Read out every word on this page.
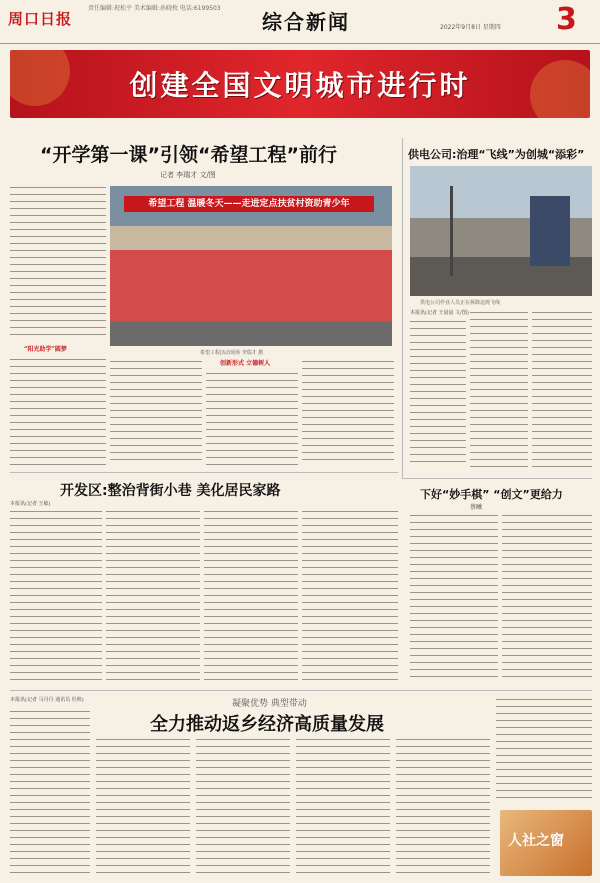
周口日报
责任编辑:祝松平 美术编辑:孙晓枚 电话:6199503
综合新闻	2022年9月8日 星期四 3
创建全国文明城市进行时
“开学第一课”引领“希望工程”前行
记者 李瑞才 文/图
“阳光助学”圆梦
希望工程 温暖冬天——走进定点扶贫村资助青少年
希望工程活动现场 李瑞才 摄
创新形式 立德树人
供电公司:治理“飞线”为创城“添彩”
供电公司作业人员正在拆除违规飞线
本报讯(记者 王晨晨 文/图)
下好“妙手棋” “创文”更给力
蔡曦
开发区:整治背街小巷 美化居民家路
本报讯(记者 王敏)
凝聚优势 典型带动
全力推动返乡经济高质量发展
本报讯(记者 马丹丹 通讯员 杜秋)
人社之窗
